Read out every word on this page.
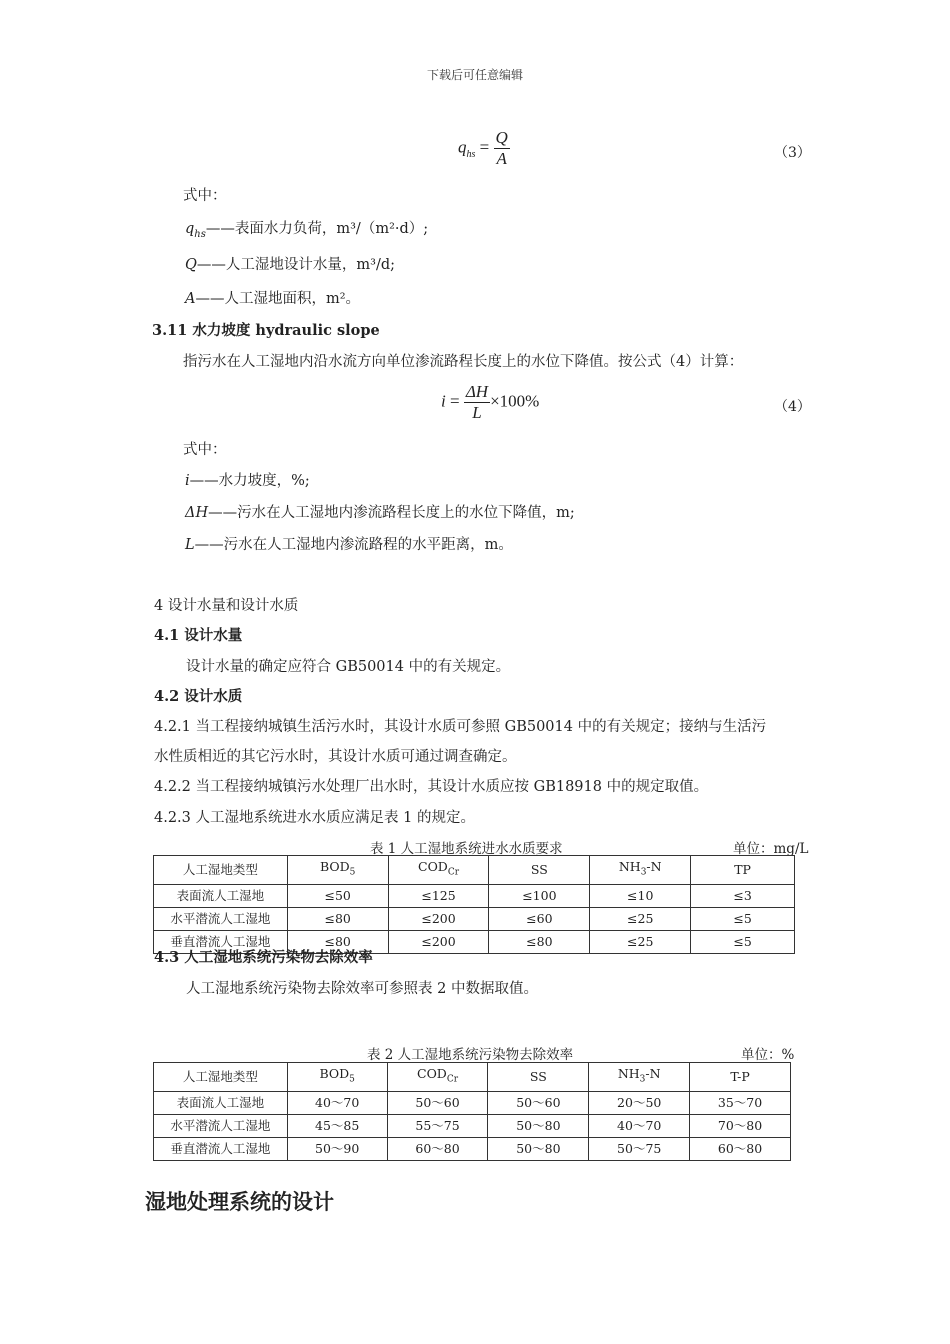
下载后可任意编辑
$q_{hs} = \frac{Q}{A}$	（3）
式中：
$q_{hs}——$表面水力负荷，m³/（m²·d）;
Q——人工湿地设计水量，m³/d;
A——人工湿地面积，m²。
3.11 水力坡度 hydraulic slope
指污水在人工湿地内沿水流方向单位渗流路程长度上的水位下降值。按公式（4）计算：
$i = \frac{\Delta H}{L} \times 100\%$	（4）
式中：
i——水力坡度，%;
ΔH——污水在人工湿地内渗流路程长度上的水位下降值，m;
L——污水在人工湿地内渗流路程的水平距离，m。
4 设计水量和设计水质
4.1 设计水量
设计水量的确定应符合 GB50014 中的有关规定。
4.2 设计水质
4.2.1 当工程接纳城镇生活污水时，其设计水质可参照 GB50014 中的有关规定；接纳与生活污
水性质相近的其它污水时，其设计水质可通过调查确定。
4.2.2 当工程接纳城镇污水处理厂出水时，其设计水质应按 GB18918 中的规定取值。
4.2.3 人工湿地系统进水水质应满足表 1 的规定。
表 1 人工湿地系统进水水质要求	单位：mg/L
人工湿地类型	$BOD_5$	$COD_{Cr}$	SS	$NH_3-N$	TP
表面流人工湿地	≤50	≤125	≤100	≤10	≤3
水平潜流人工湿地	≤80	≤200	≤60	≤25	≤5
垂直潜流人工湿地	≤80	≤200	≤80	≤25	≤5
4.3 人工湿地系统污染物去除效率
人工湿地系统污染物去除效率可参照表 2 中数据取值。
表 2 人工湿地系统污染物去除效率	单位：%
人工湿地类型	$BOD_5$	$COD_{Cr}$	SS	$NH_3-N$	T-P
表面流人工湿地	40～70	50～60	50～60	20～50	35～70
水平潜流人工湿地	45～85	55～75	50～80	40～70	70～80
垂直潜流人工湿地	50～90	60～80	50～80	50～75	60～80
湿地处理系统的设计
